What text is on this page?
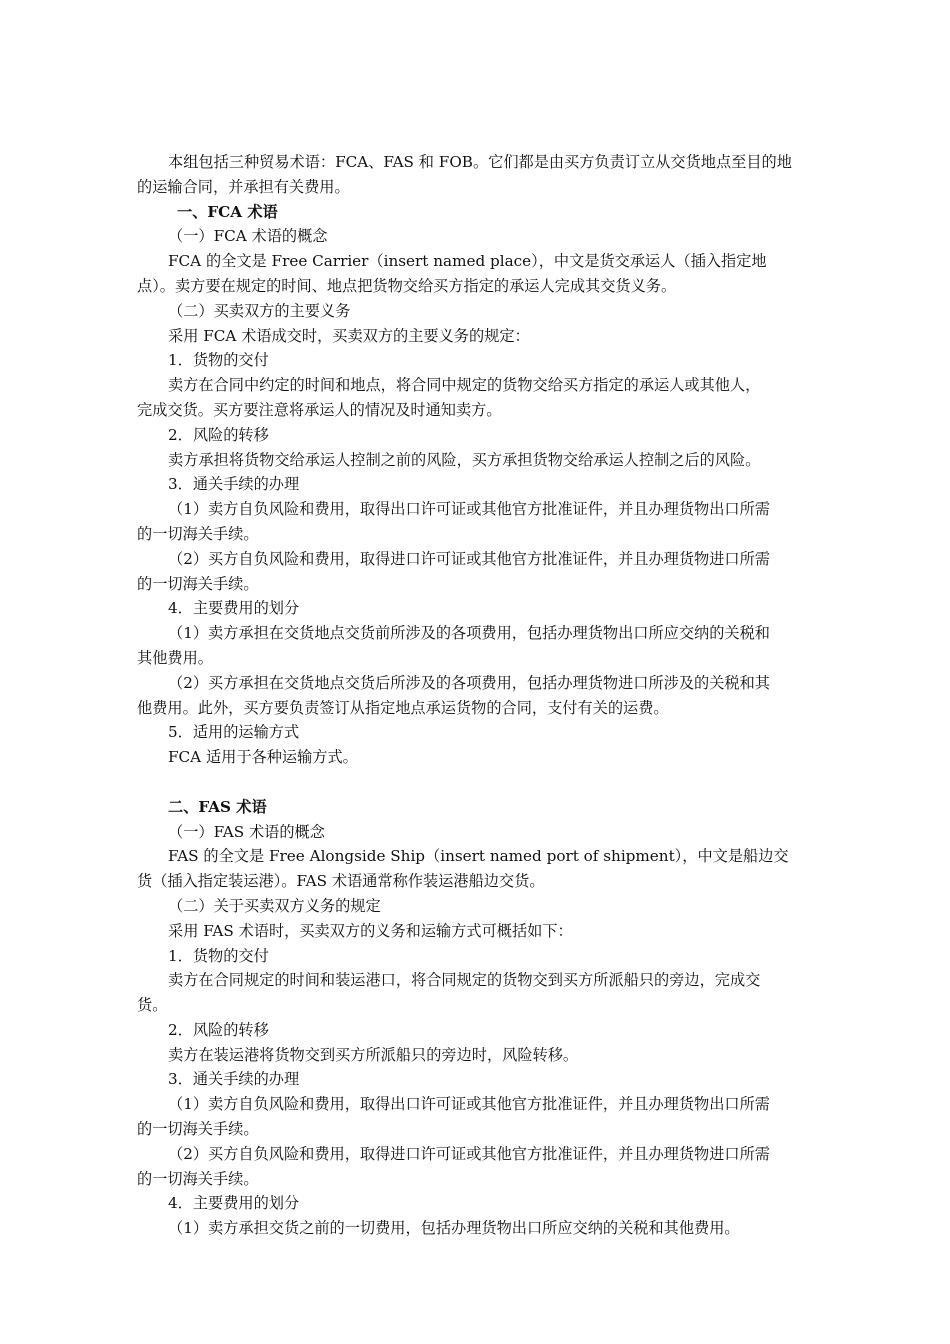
本组包括三种贸易术语：FCA、FAS 和 FOB。它们都是由买方负责订立从交货地点至目的地
的运输合同，并承担有关费用。
一、FCA 术语
（一）FCA 术语的概念
FCA 的全文是 Free Carrier（insert named place），中文是货交承运人（插入指定地
点）。卖方要在规定的时间、地点把货物交给买方指定的承运人完成其交货义务。
（二）买卖双方的主要义务
采用 FCA 术语成交时，买卖双方的主要义务的规定：
1．货物的交付
卖方在合同中约定的时间和地点，将合同中规定的货物交给买方指定的承运人或其他人，
完成交货。买方要注意将承运人的情况及时通知卖方。
2．风险的转移
卖方承担将货物交给承运人控制之前的风险，买方承担货物交给承运人控制之后的风险。
3．通关手续的办理
（1）卖方自负风险和费用，取得出口许可证或其他官方批准证件，并且办理货物出口所需
的一切海关手续。
（2）买方自负风险和费用，取得进口许可证或其他官方批准证件，并且办理货物进口所需
的一切海关手续。
4．主要费用的划分
（1）卖方承担在交货地点交货前所涉及的各项费用，包括办理货物出口所应交纳的关税和
其他费用。
（2）买方承担在交货地点交货后所涉及的各项费用，包括办理货物进口所涉及的关税和其
他费用。此外，买方要负责签订从指定地点承运货物的合同，支付有关的运费。
5．适用的运输方式
FCA 适用于各种运输方式。
二、FAS 术语
（一）FAS 术语的概念
FAS 的全文是 Free Alongside Ship（insert named port of shipment），中文是船边交
货（插入指定装运港）。FAS 术语通常称作装运港船边交货。
（二）关于买卖双方义务的规定
采用 FAS 术语时，买卖双方的义务和运输方式可概括如下：
1．货物的交付
卖方在合同规定的时间和装运港口，将合同规定的货物交到买方所派船只的旁边，完成交
货。
2．风险的转移
卖方在装运港将货物交到买方所派船只的旁边时，风险转移。
3．通关手续的办理
（1）卖方自负风险和费用，取得出口许可证或其他官方批准证件，并且办理货物出口所需
的一切海关手续。
（2）买方自负风险和费用，取得进口许可证或其他官方批准证件，并且办理货物进口所需
的一切海关手续。
4．主要费用的划分
（1）卖方承担交货之前的一切费用，包括办理货物出口所应交纳的关税和其他费用。
